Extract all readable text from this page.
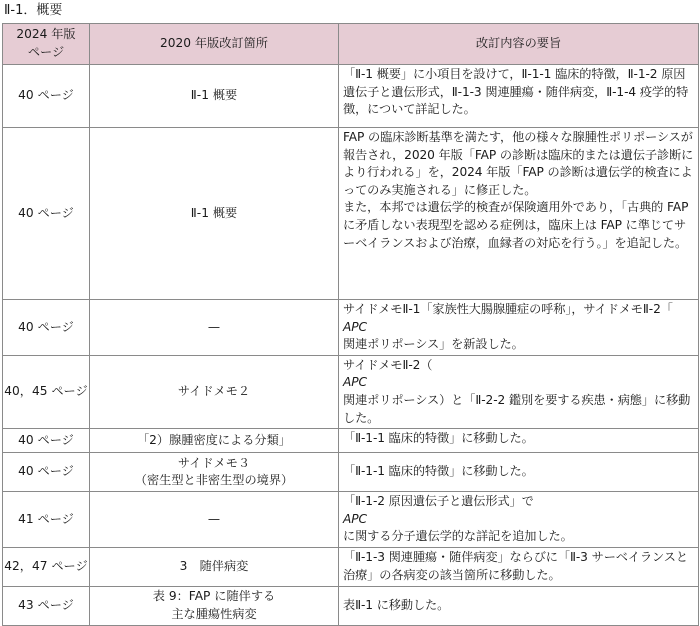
Ⅱ-1．概要
2024 年版
ページ	2020 年版改訂箇所	改訂内容の要旨
40 ページ	Ⅱ-1 概要	「Ⅱ-1 概要」に小項目を設けて，Ⅱ-1-1 臨床的特徴，Ⅱ-1-2 原因遺伝子と遺伝形式，Ⅱ-1-3 関連腫瘍・随伴病変，Ⅱ-1-4 疫学的特徴，について詳記した。

40 ページ	Ⅱ-1 概要	FAP の臨床診断基準を満たす，他の様々な腺腫性ポリポーシスが報告され，2020 年版「FAP の診断は臨床的または遺伝子診断により行われる」を，2024 年版「FAP の診断は遺伝学的検査によってのみ実施される」に修正した。
また，本邦では遺伝学的検査が保険適用外であり，「古典的 FAP に矛盾しない表現型を認める症例は，臨床上は FAP に準じてサーベイランスおよび治療，血縁者の対応を行う。」を追記した。

40 ページ	—	サイドメモⅡ-1「家族性大腸腺腫症の呼称」，サイドメモⅡ-2「
APC
関連ポリポーシス」を新設した。

40，45 ページ	サイドメモ２	サイドメモⅡ-2（
APC
関連ポリポーシス）と「Ⅱ-2-2 鑑別を要する疾患・病態」に移動した。

40 ページ	「2）腺腫密度による分類」	「Ⅱ-1-1 臨床的特徴」に移動した。

40 ページ	サイドメモ３
（密生型と非密生型の境界）	「Ⅱ-1-1 臨床的特徴」に移動した。

41 ページ	—	「Ⅱ-1-2 原因遺伝子と遺伝形式」で
APC
に関する分子遺伝学的な詳記を追加した。

42，47 ページ	3　随伴病変	「Ⅱ-1-3 関連腫瘍・随伴病変」ならびに「Ⅱ-3 サーベイランスと治療」の各病変の該当箇所に移動した。

43 ページ	表 9：FAP に随伴する
主な腫瘍性病変	表Ⅱ-1 に移動した。
